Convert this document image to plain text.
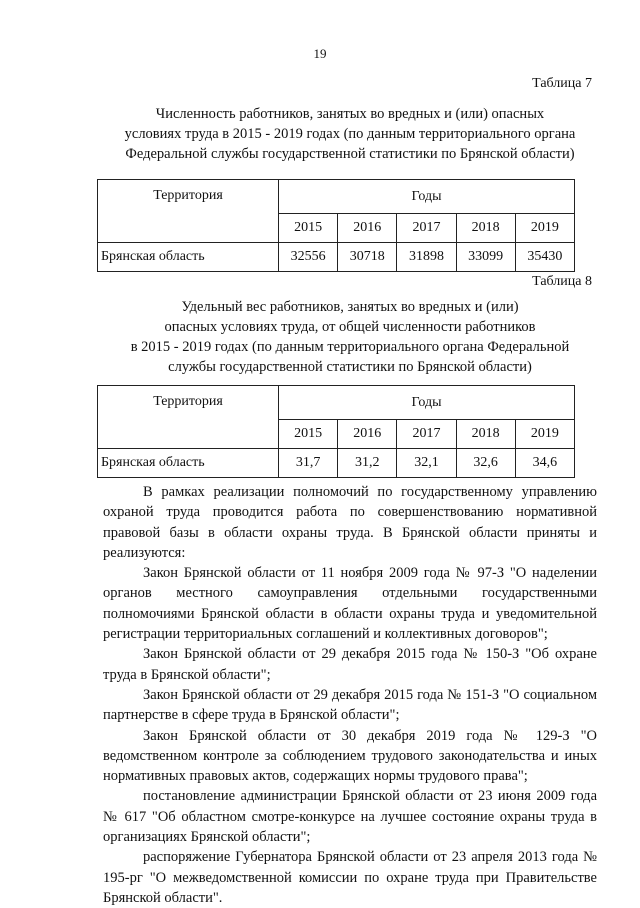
19
Таблица 7
Численность работников, занятых во вредных и (или) опасных
условиях труда в 2015 - 2019 годах (по данным территориального органа
Федеральной службы государственной статистики по Брянской области)
Территория	Годы				
	2015	2016	2017	2018	2019
Брянская область	32556	30718	31898	33099	35430
Таблица 8
Удельный вес работников, занятых во вредных и (или)
опасных условиях труда, от общей численности работников
в 2015 - 2019 годах (по данным территориального органа Федеральной
службы государственной статистики по Брянской области)
Территория	Годы				
	2015	2016	2017	2018	2019
Брянская область	31,7	31,2	32,1	32,6	34,6

В рамках реализации полномочий по государственному управлению охраной труда проводится работа по совершенствованию нормативной правовой базы в области охраны труда. В Брянской области приняты и реализуются:

Закон Брянской области от 11 ноября 2009 года № 97-З "О наделении органов местного самоуправления отдельными государственными полномочиями Брянской области в области охраны труда и уведомительной регистрации территориальных соглашений и коллективных договоров";

Закон Брянской области от 29 декабря 2015 года № 150-З "Об охране труда в Брянской области";

Закон Брянской области от 29 декабря 2015 года № 151-З "О социальном партнерстве в сфере труда в Брянской области";

Закон Брянской области от 30 декабря 2019 года № 129-З "О ведомственном контроле за соблюдением трудового законодательства и иных нормативных правовых актов, содержащих нормы трудового права";

постановление администрации Брянской области от 23 июня 2009 года № 617 "Об областном смотре-конкурсе на лучшее состояние охраны труда в организациях Брянской области";

распоряжение Губернатора Брянской области от 23 апреля 2013 года № 195-рг "О межведомственной комиссии по охране труда при Правительстве Брянской области".
